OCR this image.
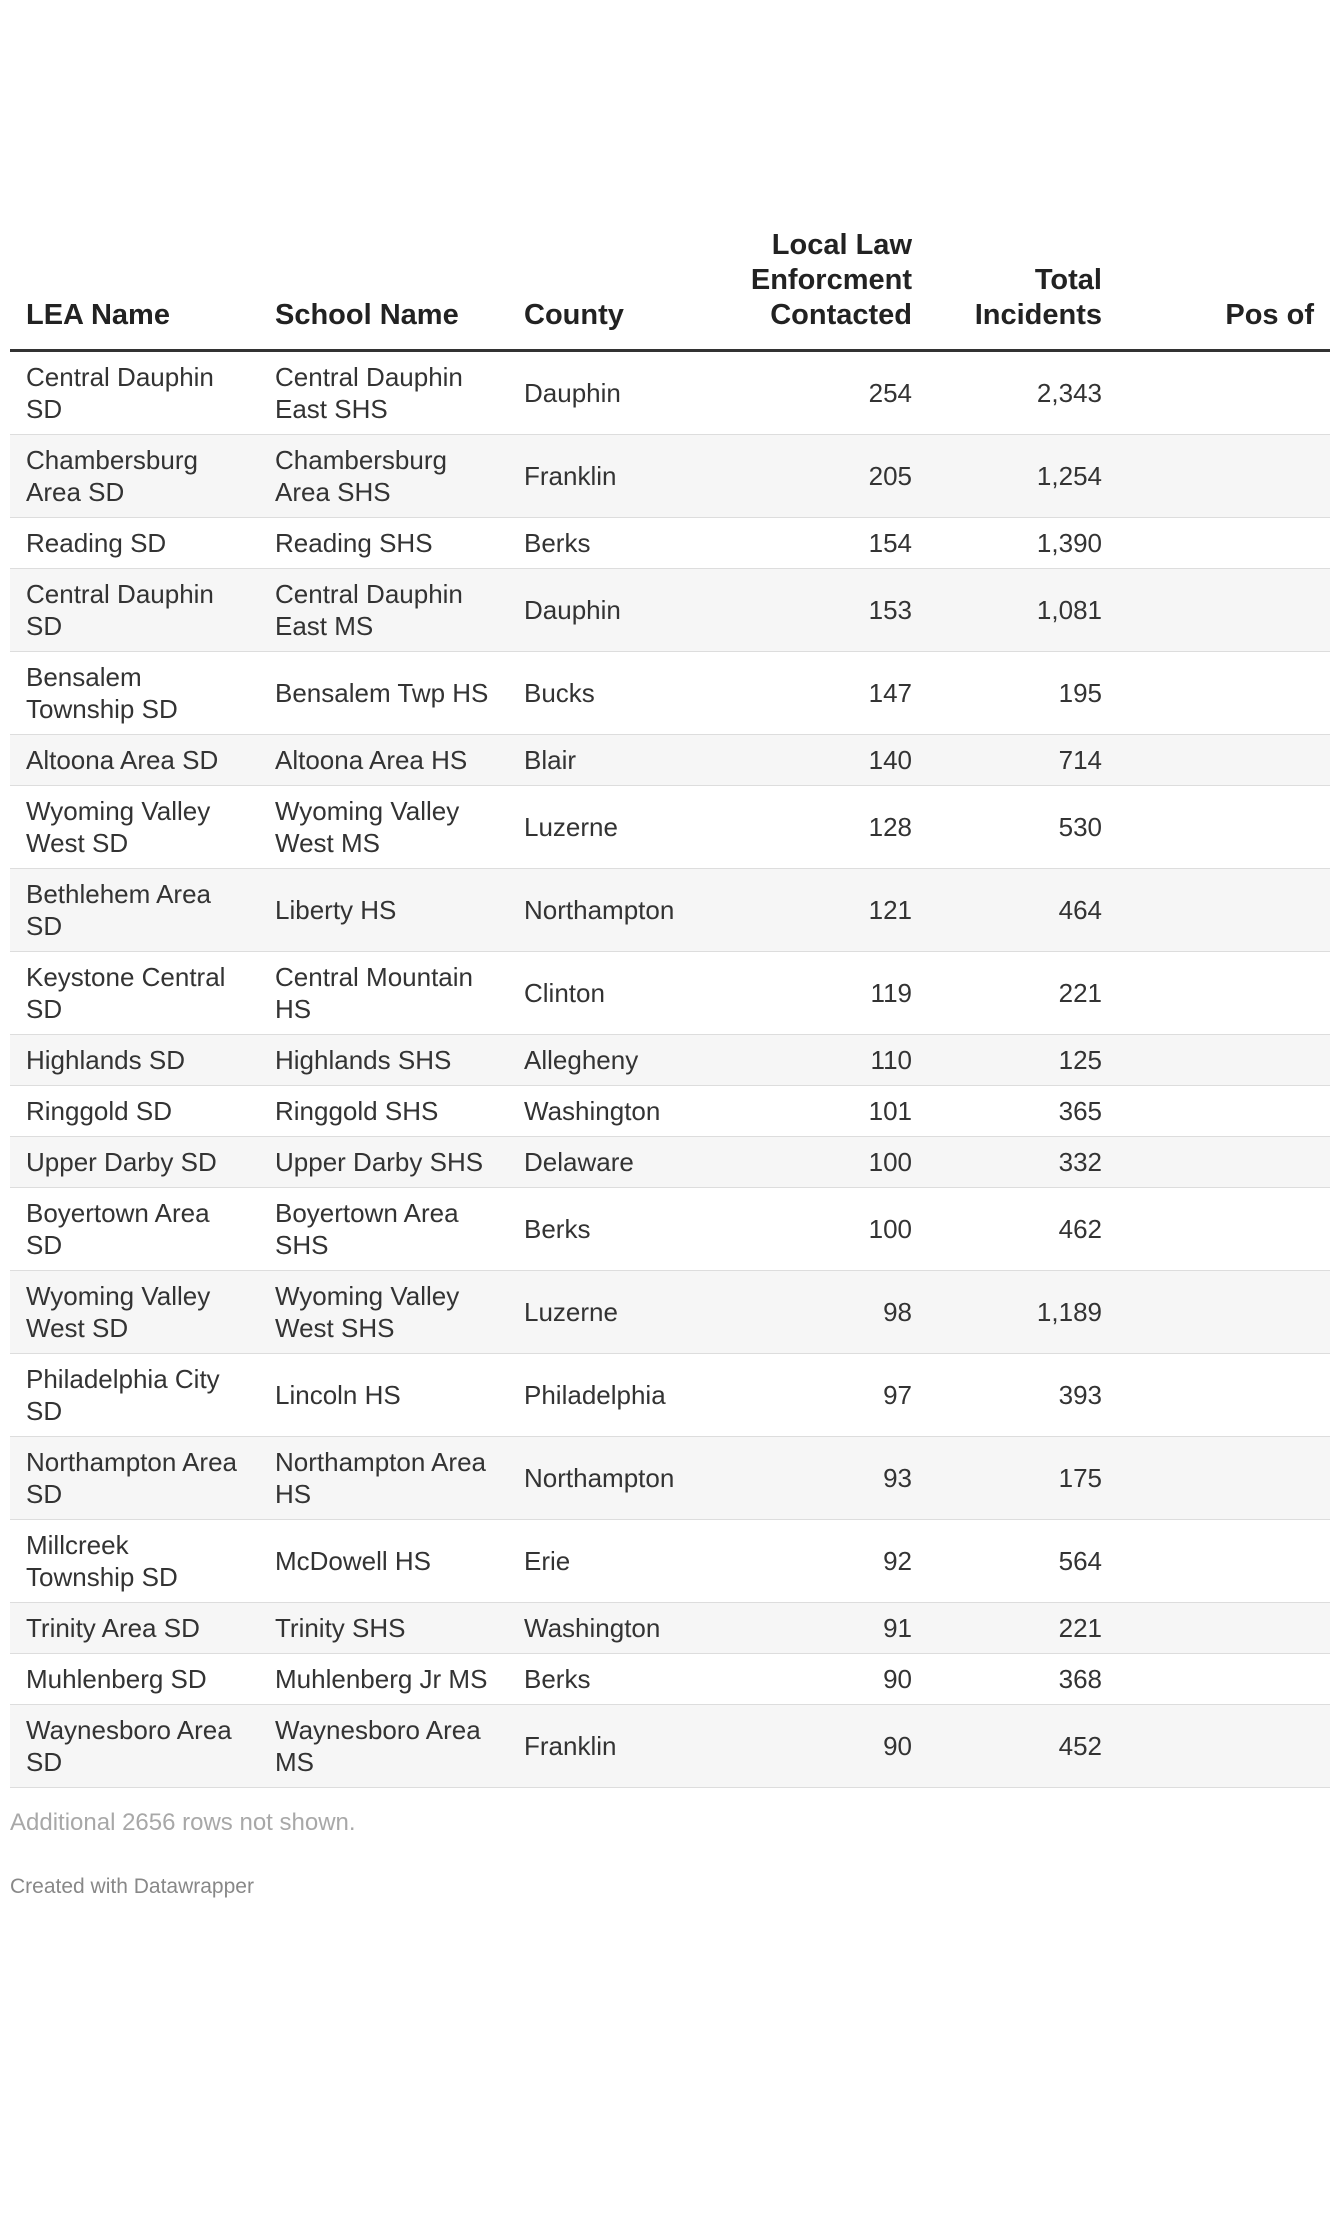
LEA Name	School Name	County	Local Law Enforcment Contacted	Total Incidents	Pos of
Central Dauphin SD	Central Dauphin East SHS	Dauphin	254	2,343	
Chambersburg Area SD	Chambersburg Area SHS	Franklin	205	1,254	
Reading SD	Reading SHS	Berks	154	1,390	
Central Dauphin SD	Central Dauphin East MS	Dauphin	153	1,081	
Bensalem Township SD	Bensalem Twp HS	Bucks	147	195	
Altoona Area SD	Altoona Area HS	Blair	140	714	
Wyoming Valley West SD	Wyoming Valley West MS	Luzerne	128	530	
Bethlehem Area SD	Liberty HS	Northampton	121	464	
Keystone Central SD	Central Mountain HS	Clinton	119	221	
Highlands SD	Highlands SHS	Allegheny	110	125	
Ringgold SD	Ringgold SHS	Washington	101	365	
Upper Darby SD	Upper Darby SHS	Delaware	100	332	
Boyertown Area SD	Boyertown Area SHS	Berks	100	462	
Wyoming Valley West SD	Wyoming Valley West SHS	Luzerne	98	1,189	
Philadelphia City SD	Lincoln HS	Philadelphia	97	393	
Northampton Area SD	Northampton Area HS	Northampton	93	175	
Millcreek Township SD	McDowell HS	Erie	92	564	
Trinity Area SD	Trinity SHS	Washington	91	221	
Muhlenberg SD	Muhlenberg Jr MS	Berks	90	368	
Waynesboro Area SD	Waynesboro Area MS	Franklin	90	452	
Additional 2656 rows not shown.
Created with Datawrapper
